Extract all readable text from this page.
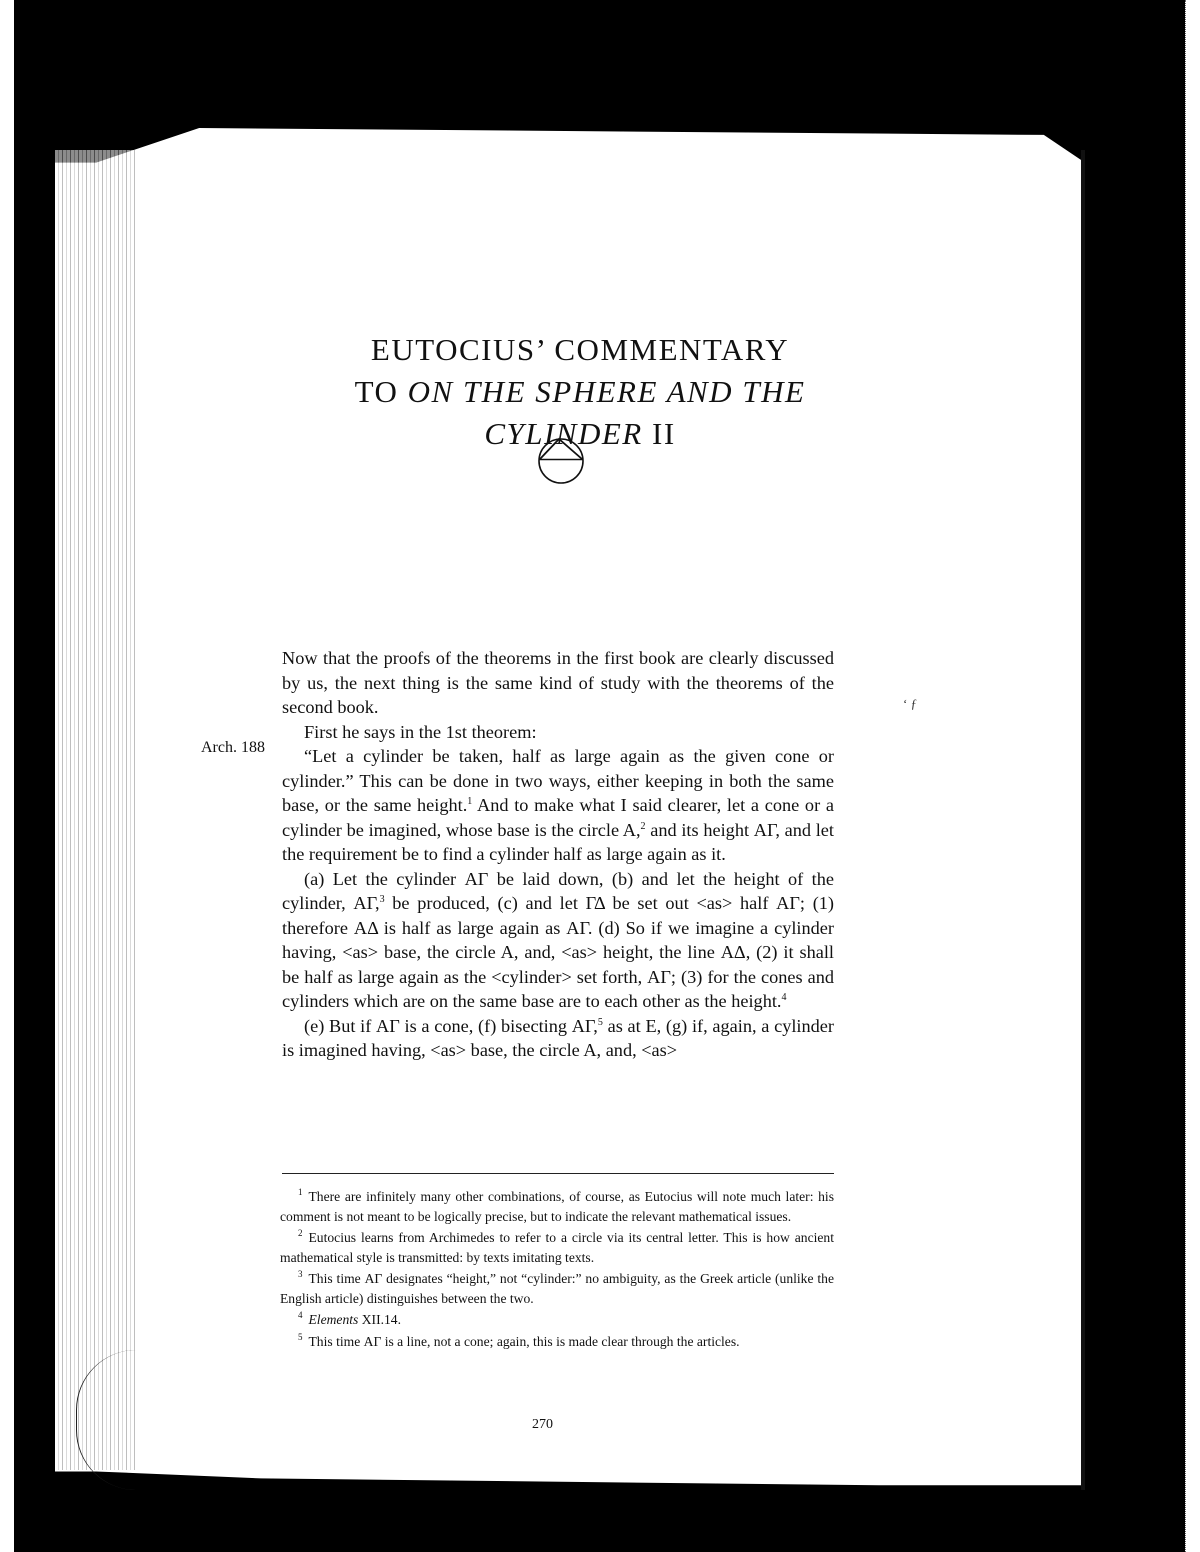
EUTOCIUS’ COMMENTARY
TO ON THE SPHERE AND THE
CYLINDER II
Arch. 188

Now that the proofs of the theorems in the first book are clearly discussed by us, the next thing is the same kind of study with the theorems of the second book.

First he says in the 1st theorem:

“Let a cylinder be taken, half as large again as the given cone or cylinder.” This can be done in two ways, either keeping in both the same base, or the same height.$^1$ And to make what I said clearer, let a cone or a cylinder be imagined, whose base is the circle A,$^2$ and its height ΑΓ, and let the requirement be to find a cylinder half as large again as it.

(a) Let the cylinder ΑΓ be laid down, (b) and let the height of the cylinder, ΑΓ,$^3$ be produced, (c) and let ΓΔ be set out <as> half ΑΓ; (1) therefore ΑΔ is half as large again as ΑΓ. (d) So if we imagine a cylinder having, <as> base, the circle A, and, <as> height, the line ΑΔ, (2) it shall be half as large again as the <cylinder> set forth, ΑΓ; (3) for the cones and cylinders which are on the same base are to each other as the height.$^4$

(e) But if ΑΓ is a cone, (f) bisecting ΑΓ,$^5$ as at E, (g) if, again, a cylinder is imagined having, <as> base, the circle A, and, <as>

ʻ ƒ

$^1$ There are infinitely many other combinations, of course, as Eutocius will note much later: his comment is not meant to be logically precise, but to indicate the relevant mathematical issues.

$^2$ Eutocius learns from Archimedes to refer to a circle via its central letter. This is how ancient mathematical style is transmitted: by texts imitating texts.

$^3$ This time ΑΓ designates “height,” not “cylinder:” no ambiguity, as the Greek article (unlike the English article) distinguishes between the two.

$^4$ Elements XII.14.

$^5$ This time ΑΓ is a line, not a cone; again, this is made clear through the articles.

270
